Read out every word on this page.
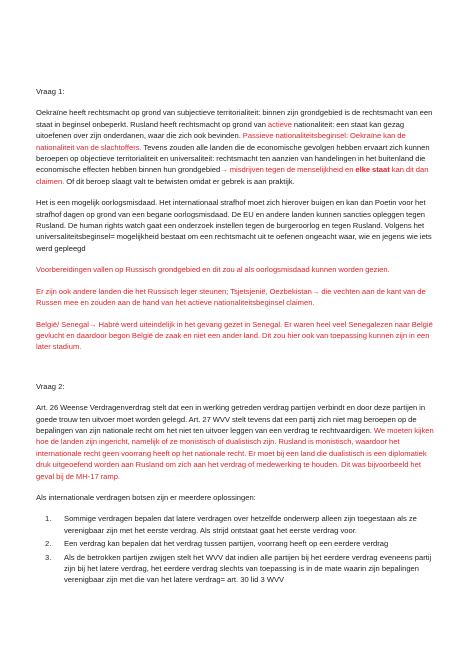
Vraag 1:
Oekraïne heeft rechtsmacht op grond van subjectieve territorialiteit: binnen zijn grondgebied is de rechtsmacht van een staat in beginsel onbeperkt. Rusland heeft rechtsmacht op grond van actieve nationaliteit: een staat kan gezag uitoefenen over zijn onderdanen, waar die zich ook bevinden. Passieve nationaliteitsbeginsel: Oekraïne kan de nationaliteit van de slachtoffers. Tevens zouden alle landen die de economische gevolgen hebben ervaart zich kunnen beroepen op objectieve territorialiteit en universaliteit: rechtsmacht ten aanzien van handelingen in het buitenland die economische effecten hebben binnen hun grondgebied→ misdrijven tegen de menselijkheid en elke staat kan dit dan claimen. Of dit beroep slaagt valt te betwisten omdat er gebrek is aan praktijk.
Het is een mogelijk oorlogsmisdaad. Het internationaal strafhof moet zich hierover buigen en kan dan Poetin voor het strafhof dagen op grond van een begane oorlogsmisdaad. De EU en andere landen kunnen sancties opleggen tegen Rusland. De human rights watch gaat een onderzoek instellen tegen de burgeroorlog en tegen Rusland. Volgens het universaliteitsbeginsel= mogelijkheid bestaat om een rechtsmacht uit te oefenen ongeacht waar, wie en jegens wie iets werd gepleegd
Voorbereidingen vallen op Russisch grondgebied en dit zou al als oorlogsmisdaad kunnen worden gezien.
Er zijn ook andere landen die het Russisch leger steunen; Tsjetsjenië, Oezbekistan→ die vechten aan de kant van de Russen mee en zouden aan de hand van het actieve nationaliteitsbeginsel claimen.
België/ Senegal→ Habré werd uiteindelijk in het gevang gezet in Senegal. Er waren heel veel Senegalezen naar België gevlucht en daardoor begon België de zaak en niet een ander land. Dit zou hier ook van toepassing kunnen zijn in een later stadium.
Vraag 2:
Art. 26 Weense Verdragenverdrag stelt dat een in werking getreden verdrag partijen verbindt en door deze partijen in goede trouw ten uitvoer moet worden gelegd. Art. 27 WVV stelt tevens dat een partij zich niet mag beroepen op de bepalingen van zijn nationale recht om het niet ten uitvoer leggen van een verdrag te rechtvaardigen. We moeten kijken hoe de landen zijn ingericht, namelijk of ze monistisch of dualistisch zijn. Rusland is monistisch, waardoor het internationale recht geen voorrang heeft op het nationale recht. Er moet bij een land die dualistisch is een diplomatiek druk uitgeoefend worden aan Rusland om zich aan het verdrag of medewerking te houden. Dit was bijvoorbeeld het geval bij de MH-17 ramp.
Als internationale verdragen botsen zijn er meerdere oplossingen:
1. Sommige verdragen bepalen dat latere verdragen over hetzelfde onderwerp alleen zijn toegestaan als ze verenigbaar zijn met het eerste verdrag. Als strijd ontstaat gaat het eerste verdrag voor.
2. Een verdrag kan bepalen dat het verdrag tussen partijen, voorrang heeft op een eerdere verdrag
3. Als de betrokken partijen zwijgen stelt het WVV dat indien alle partijen bij het eerdere verdrag eveneens partij zijn bij het latere verdrag, het eerdere verdrag slechts van toepassing is in de mate waarin zijn bepalingen verenigbaar zijn met die van het latere verdrag= art. 30 lid 3 WVV
